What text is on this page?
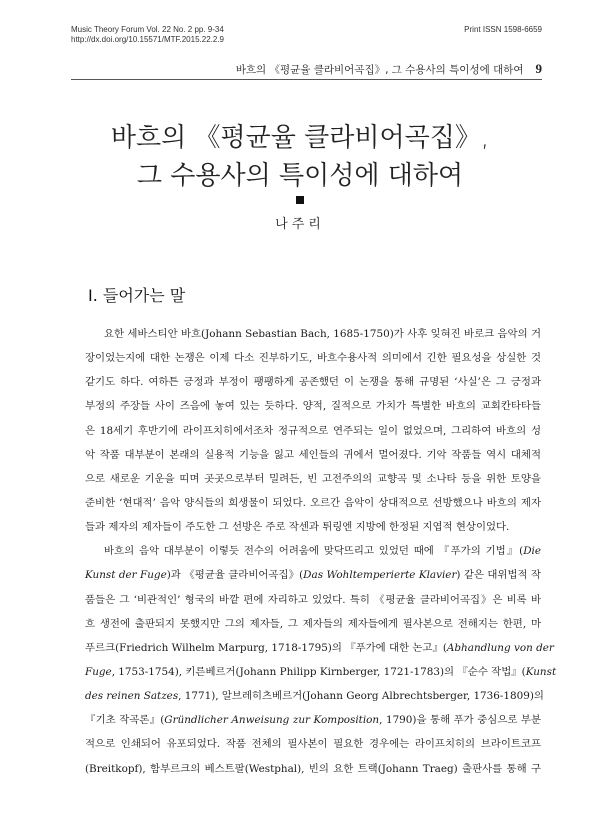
Music Theory Forum Vol. 22 No. 2 pp. 9-34
http://dx.doi.org/10.15571/MTF.2015.22.2.9
Print ISSN 1598-6659
바흐의 《평균율 클라비어곡집》, 그 수용사의 특이성에 대하여 9
바흐의 《평균율 클라비어곡집》,
그 수용사의 특이성에 대하여
나주리
I. 들어가는 말
요한 세바스티안 바흐(Johann Sebastian Bach, 1685-1750)가 사후 잊혀진 바로크 음악의 거
장이었는지에 대한 논쟁은 이제 다소 진부하기도, 바흐수용사적 의미에서 긴한 필요성을 상실한 것
같기도 하다. 여하튼 긍정과 부정이 팽팽하게 공존했던 이 논쟁을 통해 규명된 ‘사실’은 그 긍정과
부정의 주장들 사이 즈음에 놓여 있는 듯하다. 양적, 질적으로 가치가 특별한 바흐의 교회칸타타들
은 18세기 후반기에 라이프치히에서조차 정규적으로 연주되는 일이 없었으며, 그리하여 바흐의 성
악 작품 대부분이 본래의 실용적 기능을 잃고 세인들의 귀에서 멀어졌다. 기악 작품들 역시 대체적
으로 새로운 기운을 띠며 곳곳으로부터 밀려든, 빈 고전주의의 교향곡 및 소나타 등을 위한 토양을
준비한 ‘현대적’ 음악 양식들의 희생물이 되었다. 오르간 음악이 상대적으로 선방했으나 바흐의 제자
들과 제자의 제자들이 주도한 그 선방은 주로 작센과 튀링엔 지방에 한정된 지엽적 현상이었다.
바흐의 음악 대부분이 이렇듯 전수의 어려움에 맞닥뜨리고 있었던 때에 『푸가의 기법』(Die
Kunst der Fuge)과 《평균율 클라비어곡집》(Das Wohltemperierte Klavier) 같은 대위법적 작
품들은 그 ‘비관적인’ 형국의 바깥 편에 자리하고 있었다. 특히 《평균율 클라비어곡집》은 비록 바
흐 생전에 출판되지 못했지만 그의 제자들, 그 제자들의 제자들에게 필사본으로 전해지는 한편, 마
푸르크(Friedrich Wilhelm Marpurg, 1718-1795)의 『푸가에 대한 논고』(Abhandlung von der
Fuge, 1753-1754), 키른베르거(Johann Philipp Kirnberger, 1721-1783)의 『순수 작법』(Kunst
des reinen Satzes, 1771), 알브레히츠베르거(Johann Georg Albrechtsberger, 1736-1809)의
『기초 작곡론』(Gründlicher Anweisung zur Komposition, 1790)을 통해 푸가 중심으로 부분
적으로 인쇄되어 유포되었다. 작품 전체의 필사본이 필요한 경우에는 라이프치히의 브라이트코프
(Breitkopf), 함부르크의 베스트팔(Westphal), 빈의 요한 트랙(Johann Traeg) 출판사를 통해 구
